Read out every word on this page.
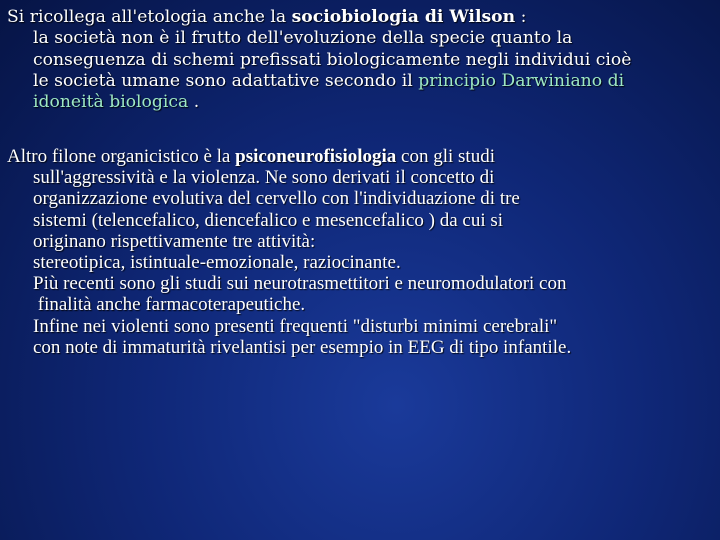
Si ricollega all'etologia anche la sociobiologia di Wilson :
la società non è il frutto dell'evoluzione della specie quanto la
conseguenza di schemi prefissati biologicamente negli individui cioè
le società umane sono adattative secondo il principio Darwiniano di
idoneità biologica .
Altro filone organicistico è la psiconeurofisiologia con gli studi
sull'aggressività e la violenza. Ne sono derivati il concetto di
organizzazione evolutiva del cervello con l'individuazione di tre
sistemi (telencefalico, diencefalico e mesencefalico ) da cui si
originano rispettivamente tre attività:
stereotipica, istintuale-emozionale, raziocinante.
Più recenti sono gli studi sui neurotrasmettitori e neuromodulatori con
finalità anche farmacoterapeutiche.
Infine nei violenti sono presenti frequenti "disturbi minimi cerebrali"
con note di immaturità rivelantisi per esempio in EEG di tipo infantile.
